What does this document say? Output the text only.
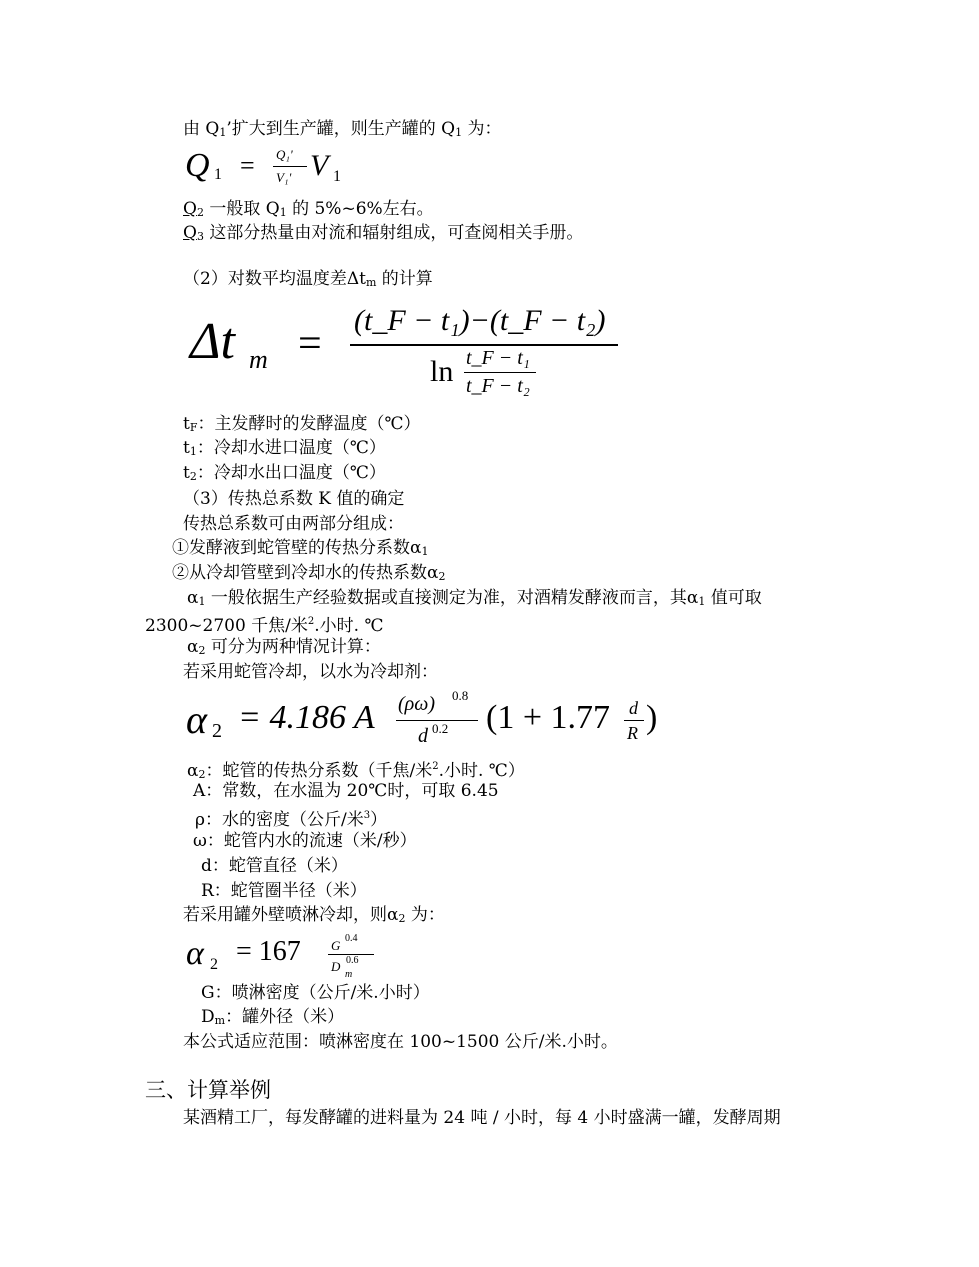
由 Q1’扩大到生产罐，则生产罐的 Q1 为：
Q 1 = Q₁'
V₁' V 1
Q2 一般取 Q1 的 5%~6%左右。
Q3 这部分热量由对流和辐射组成，可查阅相关手册。
（2）对数平均温度差Δtm 的计算
Δt m =
(t_F − t₁)−(t_F − t₂)
ln t_F − t₁
t_F − t₂
tF：主发酵时的发酵温度（℃）
t1：冷却水进口温度（℃）
t2：冷却水出口温度（℃）
（3）传热总系数 K 值的确定
传热总系数可由两部分组成：
①发酵液到蛇管壁的传热分系数α1
②从冷却管壁到冷却水的传热系数α2
α1 一般依据生产经验数据或直接测定为准，对酒精发酵液而言，其α1 值可取
2300~2700 千焦/米$^2$.小时. ℃
α2 可分为两种情况计算：
若采用蛇管冷却，以水为冷却剂：
α 2 = 4.186 A (ρω) 0.8
d 0.2 (1 + 1.77 d
R )
α2：蛇管的传热分系数（千焦/米$^2$.小时. ℃）
A：常数，在水温为 20℃时，可取 6.45
ρ：水的密度（公斤/米$^3$）
ω：蛇管内水的流速（米/秒）
d：蛇管直径（米）
R：蛇管圈半径（米）
若采用罐外壁喷淋冷却，则α2 为：
α 2 = 167 G 0.4
D
m
0.6
G：喷淋密度（公斤/米.小时）
Dm：罐外径（米）
本公式适应范围：喷淋密度在 100~1500 公斤/米.小时。
三、计算举例
某酒精工厂，每发酵罐的进料量为 24 吨 / 小时，每 4 小时盛满一罐，发酵周期
